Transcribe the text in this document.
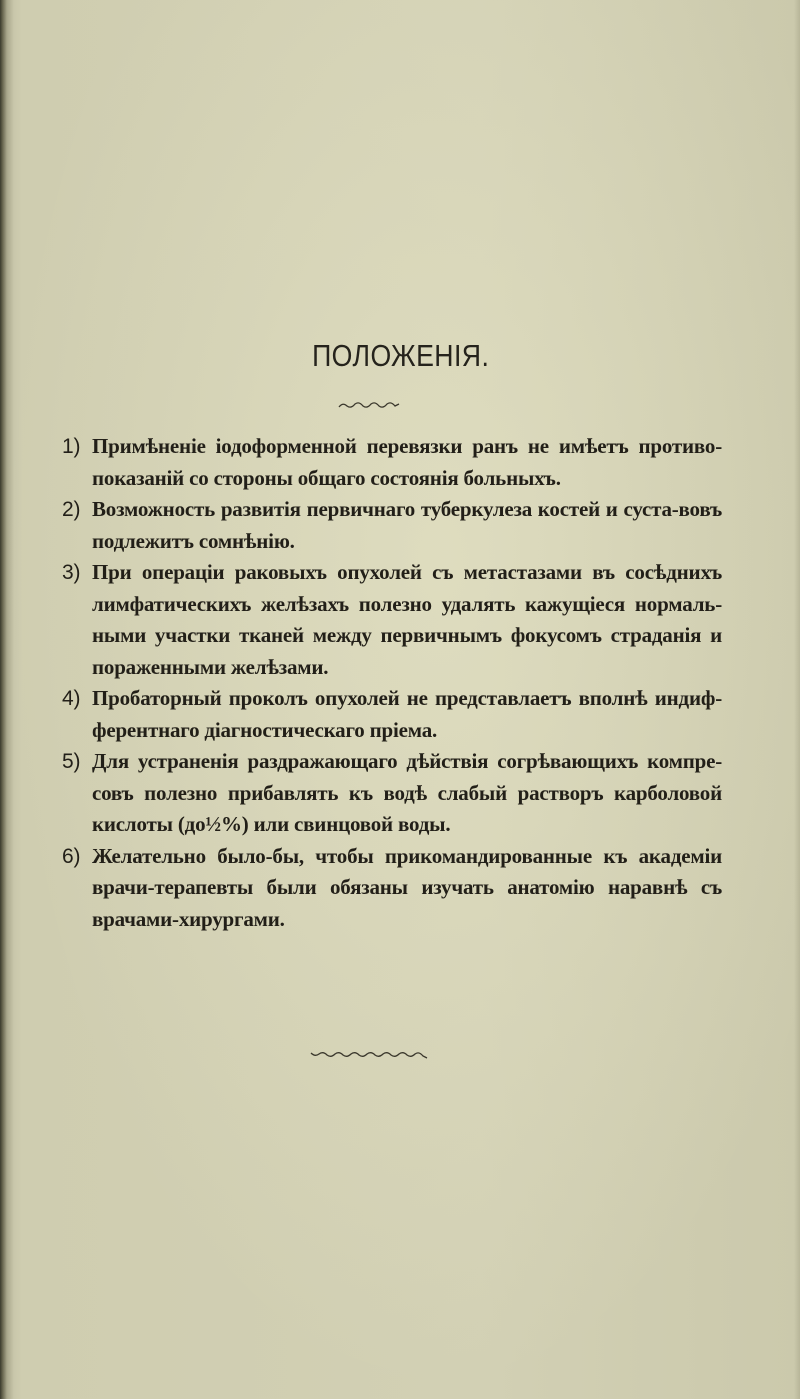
ПОЛОЖЕНІЯ.
1) Примѣненіе іодоформенной перевязки ранъ не имѣетъ противо-показаній со стороны общаго состоянія больныхъ.
2) Возможность развитія первичнаго туберкулеза костей и суста-вовъ подлежитъ сомнѣнію.
3) При операціи раковыхъ опухолей съ метастазами въ сосѣднихъ лимфатическихъ желѣзахъ полезно удалять кажущіеся нормаль-ными участки тканей между первичнымъ фокусомъ страданія и пораженными желѣзами.
4) Пробаторный проколъ опухолей не представлаетъ вполнѣ индиф-ферентнаго діагностическаго пріема.
5) Для устраненія раздражающаго дѣйствія согрѣвающихъ компре-совъ полезно прибавлять къ водѣ слабый растворъ карболовой кислоты (до½%) или свинцовой воды.
6) Желательно было-бы, чтобы прикомандированные къ академіи врачи-терапевты были обязаны изучать анатомію наравнѣ съ врачами-хирургами.
